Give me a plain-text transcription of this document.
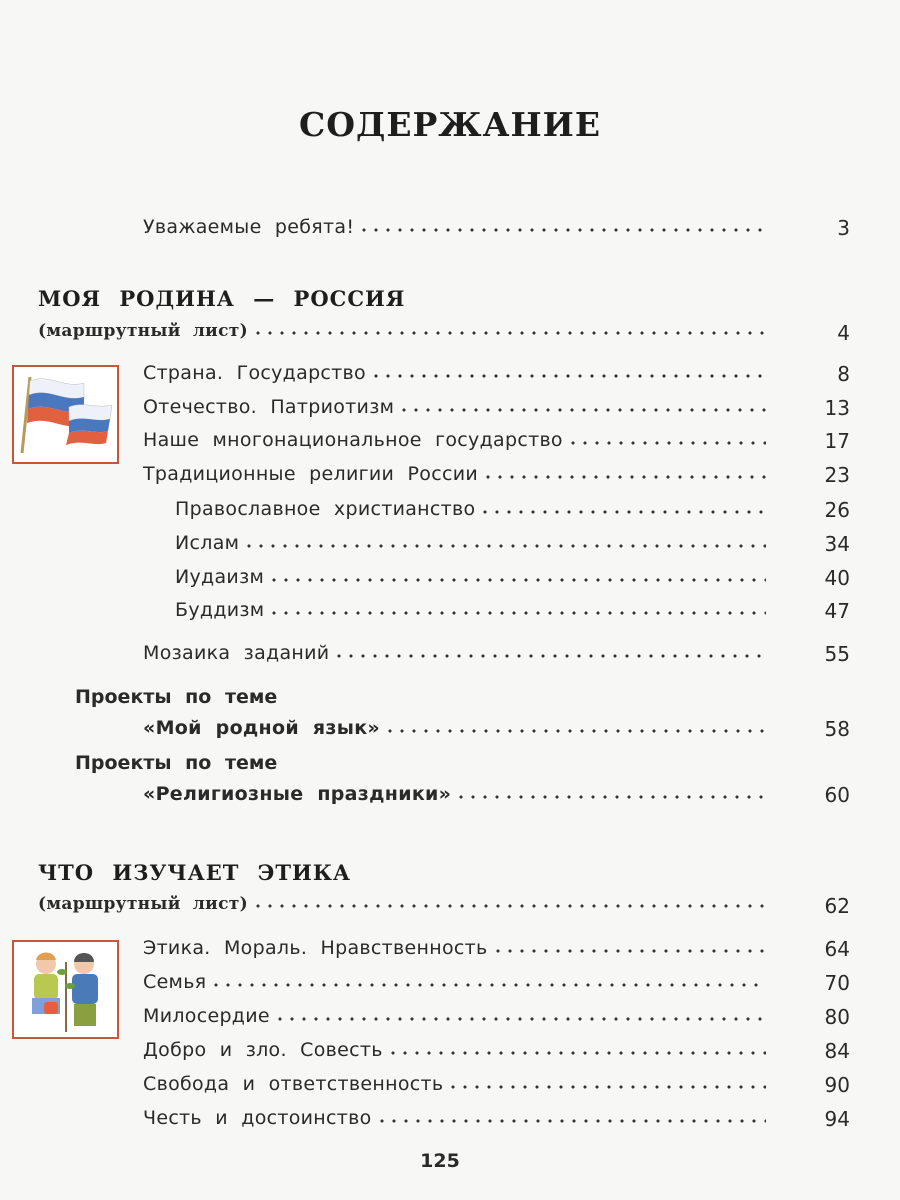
СОДЕРЖАНИЕ
Уважаемые ребята!	3
МОЯ РОДИНА — РОССИЯ
(маршрутный лист)	4
Страна. Государство	8
Отечество. Патриотизм	13
Наше многонациональное государство	17
Традиционные религии России	23
Православное христианство	26
Ислам	34
Иудаизм	40
Буддизм	47
Мозаика заданий	55
Проекты по теме
«Мой родной язык»	58
Проекты по теме
«Религиозные праздники»	60
ЧТО ИЗУЧАЕТ ЭТИКА
(маршрутный лист)	62
Этика. Мораль. Нравственность	64
Семья	70
Милосердие	80
Добро и зло. Совесть	84
Свобода и ответственность	90
Честь и достоинство	94
125
